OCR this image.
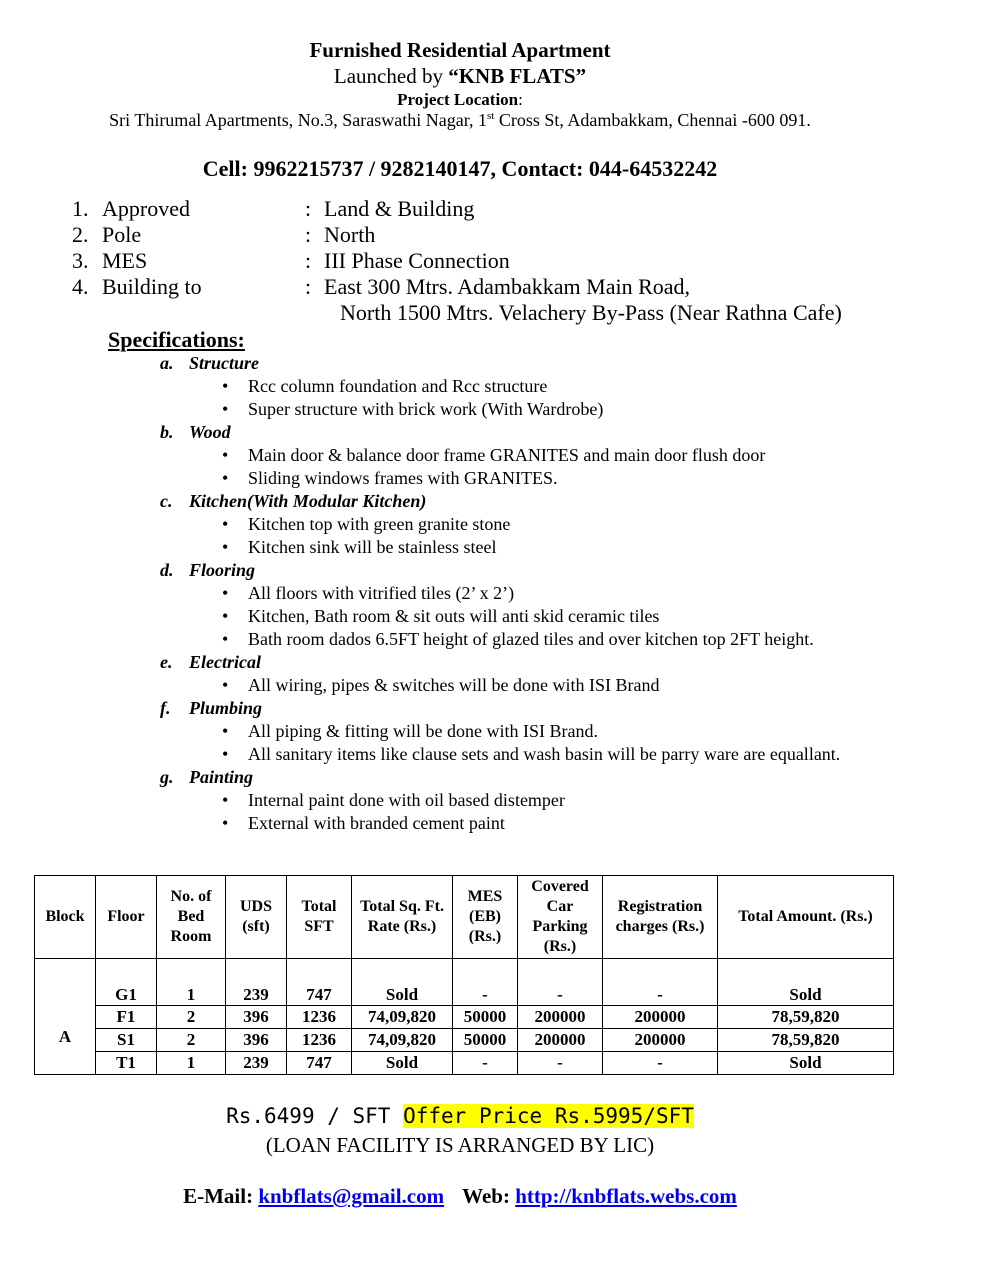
Furnished Residential Apartment
Launched by “KNB FLATS”
Project Location:
Sri Thirumal Apartments, No.3, Saraswathi Nagar, 1st Cross St, Adambakkam, Chennai -600 091.
Cell: 9962215737 / 9282140147, Contact: 044-64532242
1. Approved	: Land & Building
2. Pole	: North
3. MES	: III Phase Connection
4. Building to	: East 300 Mtrs. Adambakkam Main Road,
North 1500 Mtrs. Velachery By-Pass (Near Rathna Cafe)
Specifications:
a. Structure
• Rcc column foundation and Rcc structure
• Super structure with brick work (With Wardrobe)
b. Wood
• Main door & balance door frame GRANITES and main door flush door
• Sliding windows frames with GRANITES.
c. Kitchen(With Modular Kitchen)
• Kitchen top with green granite stone
• Kitchen sink will be stainless steel
d. Flooring
• All floors with vitrified tiles (2’ x 2’)
• Kitchen, Bath room & sit outs will anti skid ceramic tiles
• Bath room dados 6.5FT height of glazed tiles and over kitchen top 2FT height.
e. Electrical
• All wiring, pipes & switches will be done with ISI Brand
f. Plumbing
• All piping & fitting will be done with ISI Brand.
• All sanitary items like clause sets and wash basin will be parry ware are equallant.
g. Painting
• Internal paint done with oil based distemper
• External with branded cement paint
Block	Floor	No. of Bed Room	UDS (sft)	Total SFT	Total Sq. Ft. Rate (Rs.)	MES (EB) (Rs.)	Covered Car Parking (Rs.)	Registration charges (Rs.)	Total Amount. (Rs.)
A	G1	1	239	747	Sold	-	-	-	Sold
	F1	2	396	1236	74,09,820	50000	200000	200000	78,59,820
	S1	2	396	1236	74,09,820	50000	200000	200000	78,59,820
	T1	1	239	747	Sold	-	-	-	Sold
Rs.6499 / SFT Offer Price Rs.5995/SFT
(LOAN FACILITY IS ARRANGED BY LIC)
E-Mail: knbflats@gmail.com Web: http://knbflats.webs.com
